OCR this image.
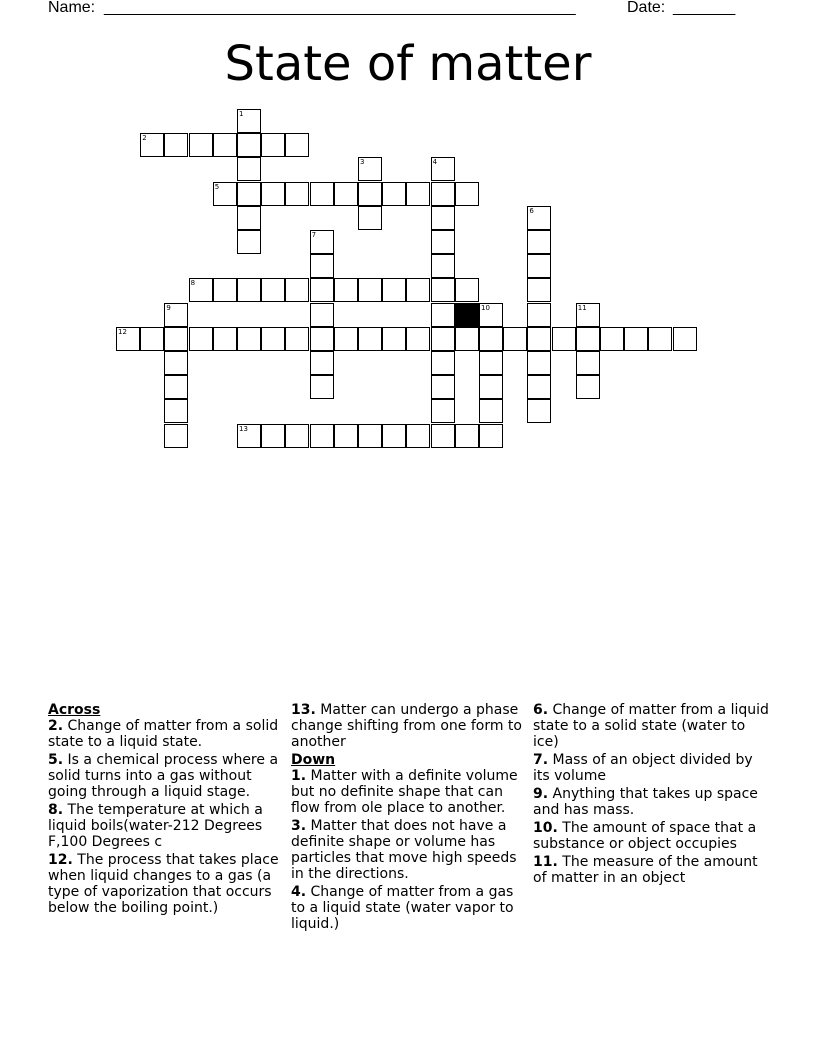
Name: _____________________________________________________	Date: _______
State of matter
2
5
8
12
13
1
3	4
6
7
9	10	11

Across

2. Change of matter from a solid state to a liquid state.

5. Is a chemical process where a solid turns into a gas without going through a liquid stage.

8. The temperature at which a liquid boils(water-212 Degrees F,100 Degrees c

12. The process that takes place when liquid changes to a gas (a type of vaporization that occurs below the boiling point.)

13. Matter can undergo a phase change shifting from one form to another

Down

1. Matter with a definite volume but no definite shape that can flow from ole place to another.

3. Matter that does not have a definite shape or volume has particles that move high speeds in the directions.

4. Change of matter from a gas to a liquid state (water vapor to liquid.)

6. Change of matter from a liquid state to a solid state (water to ice)

7. Mass of an object divided by its volume

9. Anything that takes up space and has mass.

10. The amount of space that a substance or object occupies

11. The measure of the amount of matter in an object
